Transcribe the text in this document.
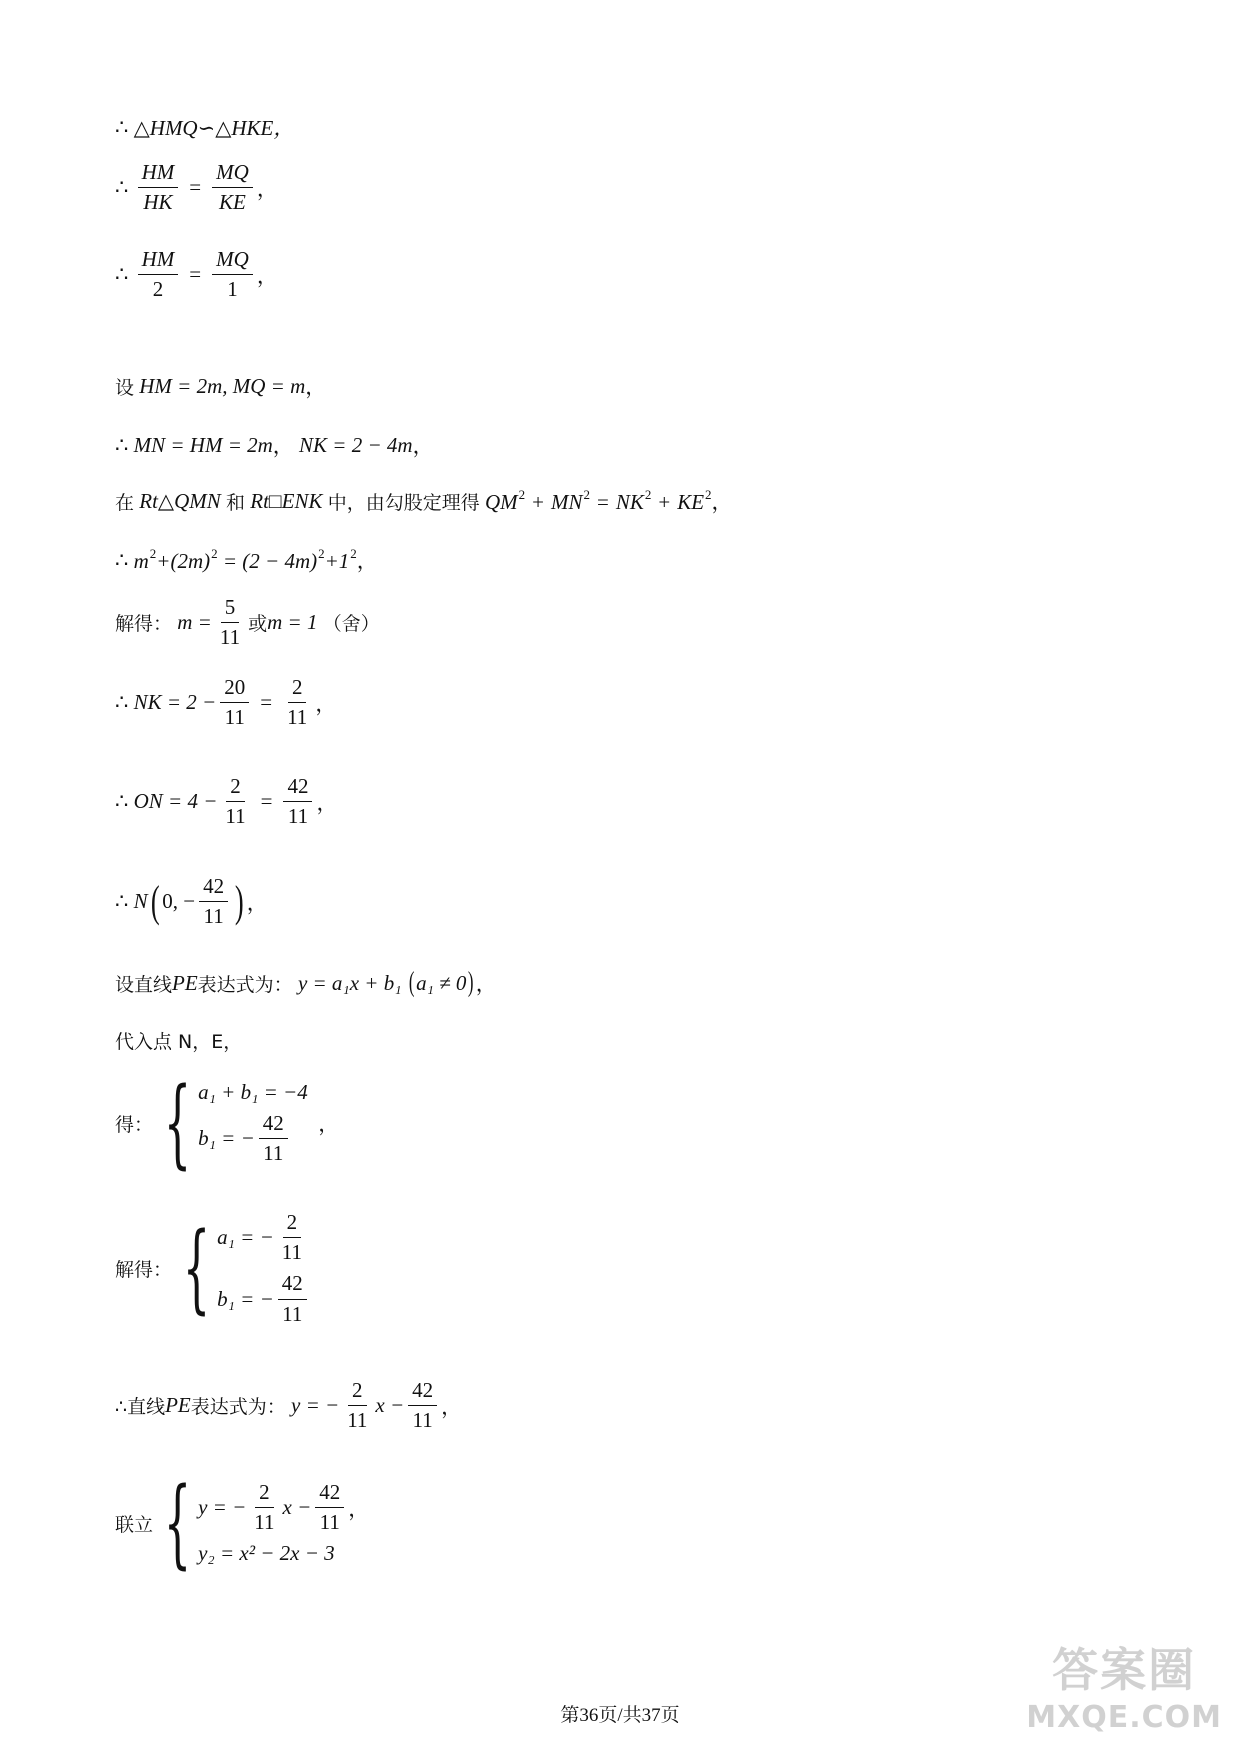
∴
△HMQ∽△HKE，
∴
$\frac{HM}{HK} = \frac{MQ}{KE}$ ，
∴
$\frac{HM}{2} = \frac{MQ}{1}$ ，
设
HM = 2m, MQ = m ，
∴
MN = HM = 2m ，
NK = 2 − 4m ，
在
Rt△QMN
和
Rt□ENK
中，由勾股定理得
$QM^2 + MN^2 = NK^2 + KE^2$ ，
∴
$m^2+(2m)^2 = (2 - 4m)^2+1^2$ ，
解得：
$m = \frac{5}{11}$ 或 m = 1
（舍）
∴
NK = $2 - \frac{20}{11} = \frac{2}{11}$ ，
∴
ON = $4 - \frac{2}{11} = \frac{42}{11}$ ，
∴
N ( 0, − $\frac{42}{11}$ ) ，
设直线 PE 表达式为：
y = a₁x + b₁
( a₁ ≠ 0 ) ，
代入点 N，E，
得： { a₁ + b₁ = −4
b₁ = − $\frac{42}{11}$
，
解得： { a₁ = − $\frac{2}{11}$
b₁ = − $\frac{42}{11}$
∴直线 PE 表达式为：
y = − $\frac{2}{11}$ $x - \frac{42}{11}$ ，
联立 { y = − $\frac{2}{11}$ $x - \frac{42}{11}$ ，
y₂ = x² − 2x − 3
第36页/共37页
答案圈
MXQE.COM
